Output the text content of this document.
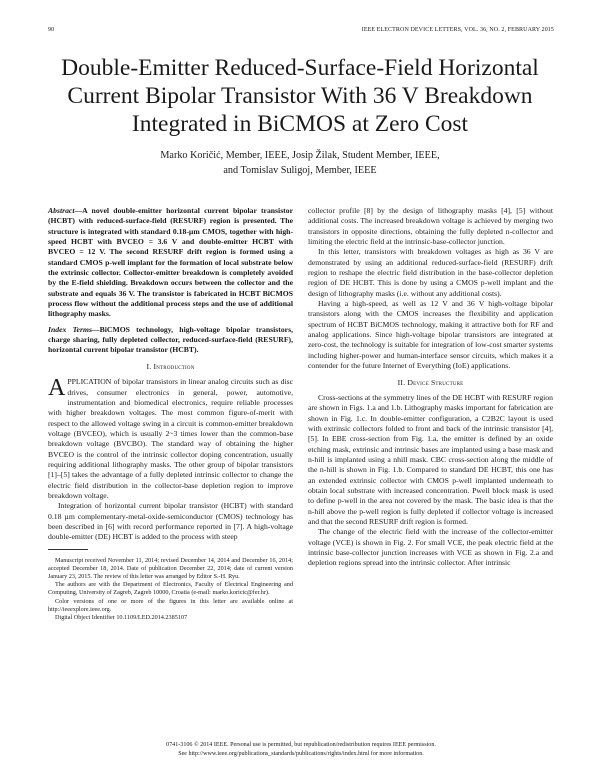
90	IEEE ELECTRON DEVICE LETTERS, VOL. 36, NO. 2, FEBRUARY 2015
Double-Emitter Reduced-Surface-Field Horizontal Current Bipolar Transistor With 36 V Breakdown Integrated in BiCMOS at Zero Cost
Marko Koričić, Member, IEEE, Josip Žilak, Student Member, IEEE,
and Tomislav Suligoj, Member, IEEE
Abstract—A novel double-emitter horizontal current bipolar transistor (HCBT) with reduced-surface-field (RESURF) region is presented. The structure is integrated with standard 0.18-µm CMOS, together with high-speed HCBT with BVCEO = 3.6 V and double-emitter HCBT with BVCEO = 12 V. The second RESURF drift region is formed using a standard CMOS p-well implant for the formation of local substrate below the extrinsic collector. Collector-emitter breakdown is completely avoided by the E-field shielding. Breakdown occurs between the collector and the substrate and equals 36 V. The transistor is fabricated in HCBT BiCMOS process flow without the additional process steps and the use of additional lithography masks.
Index Terms—BiCMOS technology, high-voltage bipolar transistors, charge sharing, fully depleted collector, reduced-surface-field (RESURF), horizontal current bipolar transistor (HCBT).
I. Introduction

APPLICATION of bipolar transistors in linear analog circuits such as disc drives, consumer electronics in general, power, automotive, instrumentation and biomedical electronics, require reliable processes with higher breakdown voltages. The most common figure-of-merit with respect to the allowed voltage swing in a circuit is common-emitter breakdown voltage (BVCEO), which is usually 2~3 times lower than the common-base breakdown voltage (BVCBO). The standard way of obtaining the higher BVCEO is the control of the intrinsic collector doping concentration, usually requiring additional lithography masks. The other group of bipolar transistors [1]–[5] takes the advantage of a fully depleted intrinsic collector to change the electric field distribution in the collector-base depletion region to improve breakdown voltage.

Integration of horizontal current bipolar transistor (HCBT) with standard 0.18 µm complementary-metal-oxide-semiconductor (CMOS) technology has been described in [6] with record performance reported in [7]. A high-voltage double-emitter (DE) HCBT is added to the process with steep

Manuscript received November 11, 2014; revised December 14, 2014 and December 16, 2014; accepted December 18, 2014. Date of publication December 22, 2014; date of current version January 23, 2015. The review of this letter was arranged by Editor S.-H. Ryu.
The authors are with the Department of Electronics, Faculty of Electrical Engineering and Computing, University of Zagreb, Zagreb 10000, Croatia (e-mail: marko.koricic@fer.hr).
Color versions of one or more of the figures in this letter are available online at http://ieeexplore.ieee.org.
Digital Object Identifier 10.1109/LED.2014.2385107

collector profile [8] by the design of lithography masks [4], [5] without additional costs. The increased breakdown voltage is achieved by merging two transistors in opposite directions, obtaining the fully depleted n-collector and limiting the electric field at the intrinsic-base-collector junction.

In this letter, transistors with breakdown voltages as high as 36 V are demonstrated by using an additional reduced-surface-field (RESURF) drift region to reshape the electric field distribution in the base-collector depletion region of DE HCBT. This is done by using a CMOS p-well implant and the design of lithography masks (i.e. without any additional costs).

Having a high-speed, as well as 12 V and 36 V high-voltage bipolar transistors along with the CMOS increases the flexibility and application spectrum of HCBT BiCMOS technology, making it attractive both for RF and analog applications. Since high-voltage bipolar transistors are integrated at zero-cost, the technology is suitable for integration of low-cost smarter systems including higher-power and human-interface sensor circuits, which makes it a contender for the future Internet of Everything (IoE) applications.

II. Device Structure

Cross-sections at the symmetry lines of the DE HCBT with RESURF region are shown in Figs. 1.a and 1.b. Lithography masks important for fabrication are shown in Fig. 1.c. In double-emitter configuration, a C2B2C layout is used with extrinsic collectors folded to front and back of the intrinsic transistor [4], [5]. In EBE cross-section from Fig. 1.a, the emitter is defined by an oxide etching mask, extrinsic and intrinsic bases are implanted using a base mask and n-hill is implanted using a nhill mask. CBC cross-section along the middle of the n-hill is shown in Fig. 1.b. Compared to standard DE HCBT, this one has an extended extrinsic collector with CMOS p-well implanted underneath to obtain local substrate with increased concentration. Pwell block mask is used to define p-well in the area not covered by the mask. The basic idea is that the n-hill above the p-well region is fully depleted if collector voltage is increased and that the second RESURF drift region is formed.

The change of the electric field with the increase of the collector-emitter voltage (VCE) is shown in Fig. 2. For small VCE, the peak electric field at the intrinsic base-collector junction increases with VCE as shown in Fig. 2.a and depletion regions spread into the intrinsic collector. After intrinsic

0741-3106 © 2014 IEEE. Personal use is permitted, but republication/redistribution requires IEEE permission.
See http://www.ieee.org/publications_standards/publications/rights/index.html for more information.
